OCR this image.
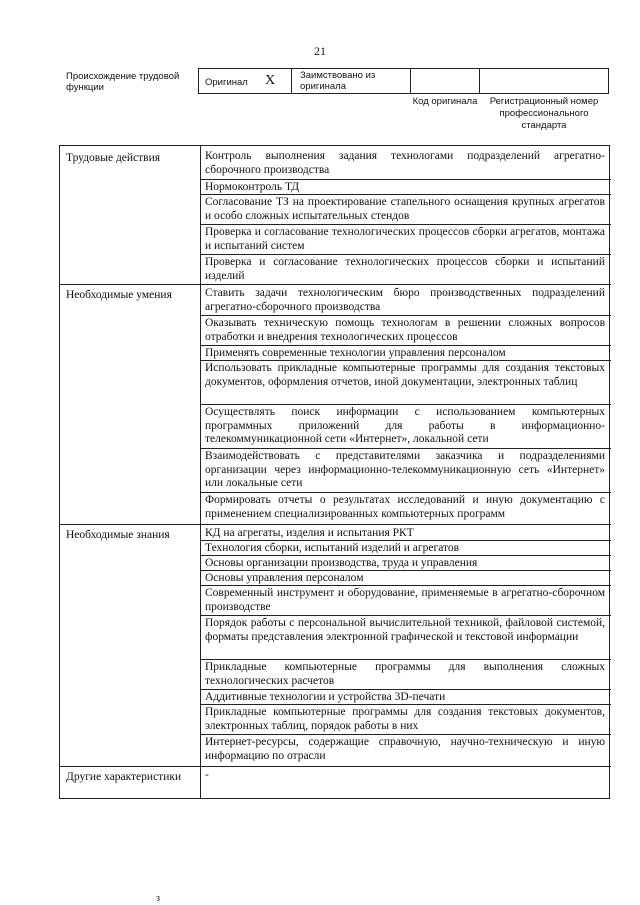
21
Происхождение трудовой функции	Оригинал X	Заимствовано из оригинала
Код оригинала	Регистрационный номер профессионального стандарта
Трудовые действия	Контроль выполнения задания технологами подразделений агрегатно-сборочного производства
Нормоконтроль ТД
Согласование ТЗ на проектирование стапельного оснащения крупных агрегатов и особо сложных испытательных стендов
Проверка и согласование технологических процессов сборки агрегатов, монтажа и испытаний систем
Проверка и согласование технологических процессов сборки и испытаний изделий
Необходимые умения	Ставить задачи технологическим бюро производственных подразделений агрегатно-сборочного производства
Оказывать техническую помощь технологам в решении сложных вопросов отработки и внедрения технологических процессов
Применять современные технологии управления персоналом
Использовать прикладные компьютерные программы для создания текстовых документов, оформления отчетов, иной документации, электронных таблиц
Осуществлять поиск информации с использованием компьютерных программных приложений для работы в информационно-телекоммуникационной сети «Интернет», локальной сети
Взаимодействовать с представителями заказчика и подразделениями организации через информационно-телекоммуникационную сеть «Интернет» или локальные сети
Формировать отчеты о результатах исследований и иную документацию с применением специализированных компьютерных программ
Необходимые знания	КД на агрегаты, изделия и испытания РКТ
Технология сборки, испытаний изделий и агрегатов
Основы организации производства, труда и управления
Основы управления персоналом
Современный инструмент и оборудование, применяемые в агрегатно-сборочном производстве
Порядок работы с персональной вычислительной техникой, файловой системой, форматы представления электронной графической и текстовой информации
Прикладные компьютерные программы для выполнения сложных технологических расчетов
Аддитивные технологии и устройства 3D-печати
Прикладные компьютерные программы для создания текстовых документов, электронных таблиц, порядок работы в них
Интернет-ресурсы, содержащие справочную, научно-техническую и иную информацию по отрасли
Другие характеристики	-
з
